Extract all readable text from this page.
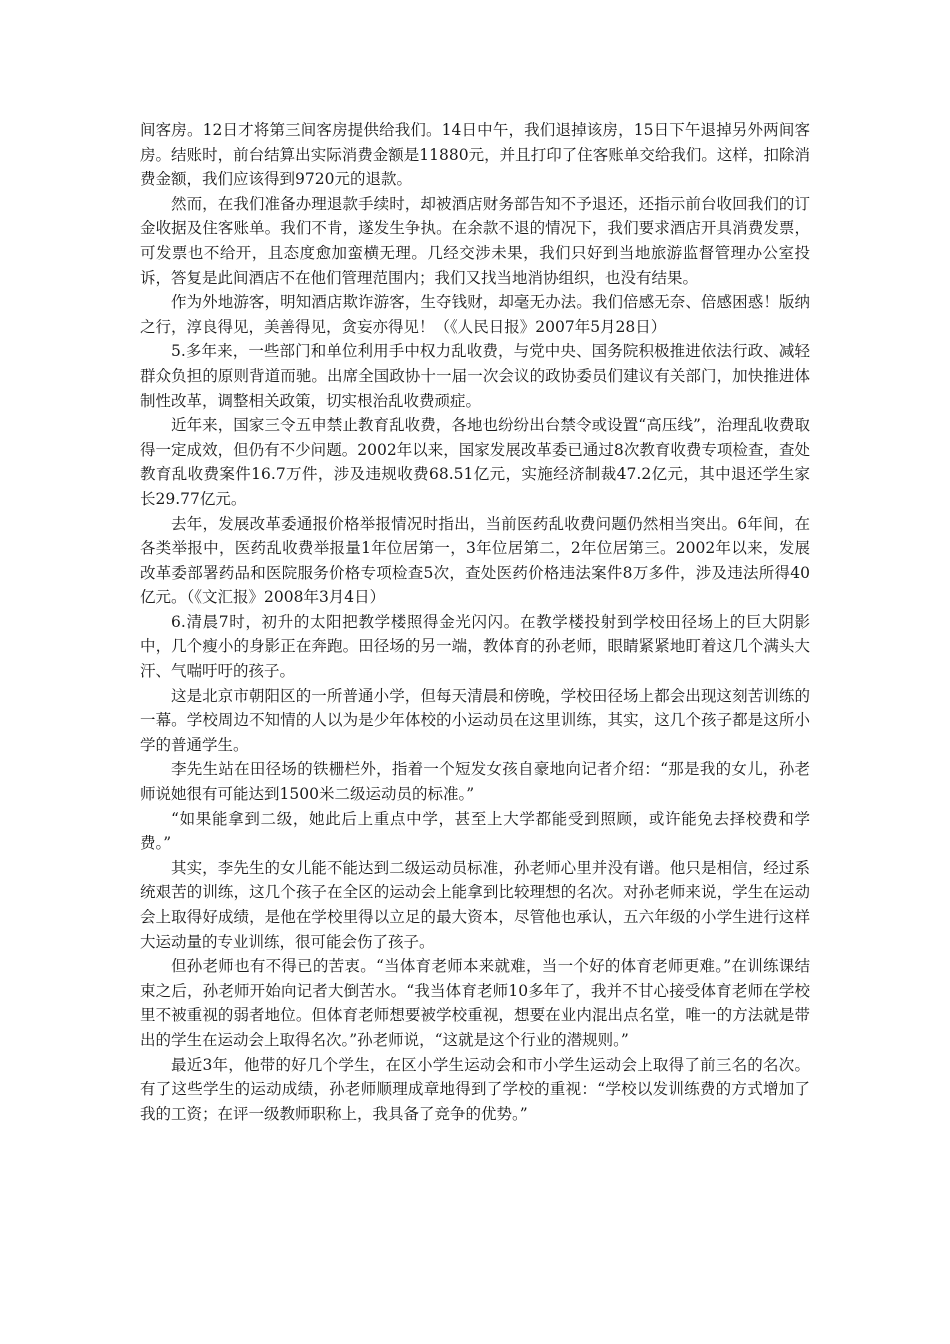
间客房。12日才将第三间客房提供给我们。14日中午，我们退掉该房，15日下午退掉另外两间客房。结账时，前台结算出实际消费金额是11880元，并且打印了住客账单交给我们。这样，扣除消费金额，我们应该得到9720元的退款。

然而，在我们准备办理退款手续时，却被酒店财务部告知不予退还，还指示前台收回我们的订金收据及住客账单。我们不肯，遂发生争执。在余款不退的情况下，我们要求酒店开具消费发票，可发票也不给开，且态度愈加蛮横无理。几经交涉未果，我们只好到当地旅游监督管理办公室投诉，答复是此间酒店不在他们管理范围内；我们又找当地消协组织，也没有结果。

作为外地游客，明知酒店欺诈游客，生夺钱财，却毫无办法。我们倍感无奈、倍感困惑！版纳之行，淳良得见，美善得见，贪妄亦得见！（《人民日报》2007年5月28日）

5.多年来，一些部门和单位利用手中权力乱收费，与党中央、国务院积极推进依法行政、减轻群众负担的原则背道而驰。出席全国政协十一届一次会议的政协委员们建议有关部门，加快推进体制性改革，调整相关政策，切实根治乱收费顽症。

近年来，国家三令五申禁止教育乱收费，各地也纷纷出台禁令或设置“高压线”，治理乱收费取得一定成效，但仍有不少问题。2002年以来，国家发展改革委已通过8次教育收费专项检查，查处教育乱收费案件16.7万件，涉及违规收费68.51亿元，实施经济制裁47.2亿元，其中退还学生家长29.77亿元。

去年，发展改革委通报价格举报情况时指出，当前医药乱收费问题仍然相当突出。6年间，在各类举报中，医药乱收费举报量1年位居第一，3年位居第二，2年位居第三。2002年以来，发展改革委部署药品和医院服务价格专项检查5次，查处医药价格违法案件8万多件，涉及违法所得40亿元。（《文汇报》2008年3月4日）

6.清晨7时，初升的太阳把教学楼照得金光闪闪。在教学楼投射到学校田径场上的巨大阴影中，几个瘦小的身影正在奔跑。田径场的另一端，教体育的孙老师，眼睛紧紧地盯着这几个满头大汗、气喘吁吁的孩子。

这是北京市朝阳区的一所普通小学，但每天清晨和傍晚，学校田径场上都会出现这刻苦训练的一幕。学校周边不知情的人以为是少年体校的小运动员在这里训练，其实，这几个孩子都是这所小学的普通学生。

李先生站在田径场的铁栅栏外，指着一个短发女孩自豪地向记者介绍：“那是我的女儿，孙老师说她很有可能达到1500米二级运动员的标准。”

“如果能拿到二级，她此后上重点中学，甚至上大学都能受到照顾，或许能免去择校费和学费。”

其实，李先生的女儿能不能达到二级运动员标准，孙老师心里并没有谱。他只是相信，经过系统艰苦的训练，这几个孩子在全区的运动会上能拿到比较理想的名次。对孙老师来说，学生在运动会上取得好成绩，是他在学校里得以立足的最大资本，尽管他也承认，五六年级的小学生进行这样大运动量的专业训练，很可能会伤了孩子。

但孙老师也有不得已的苦衷。“当体育老师本来就难，当一个好的体育老师更难。”在训练课结束之后，孙老师开始向记者大倒苦水。“我当体育老师10多年了，我并不甘心接受体育老师在学校里不被重视的弱者地位。但体育老师想要被学校重视，想要在业内混出点名堂，唯一的方法就是带出的学生在运动会上取得名次。”孙老师说，“这就是这个行业的潜规则。”

最近3年，他带的好几个学生，在区小学生运动会和市小学生运动会上取得了前三名的名次。有了这些学生的运动成绩，孙老师顺理成章地得到了学校的重视：“学校以发训练费的方式增加了我的工资；在评一级教师职称上，我具备了竞争的优势。”
